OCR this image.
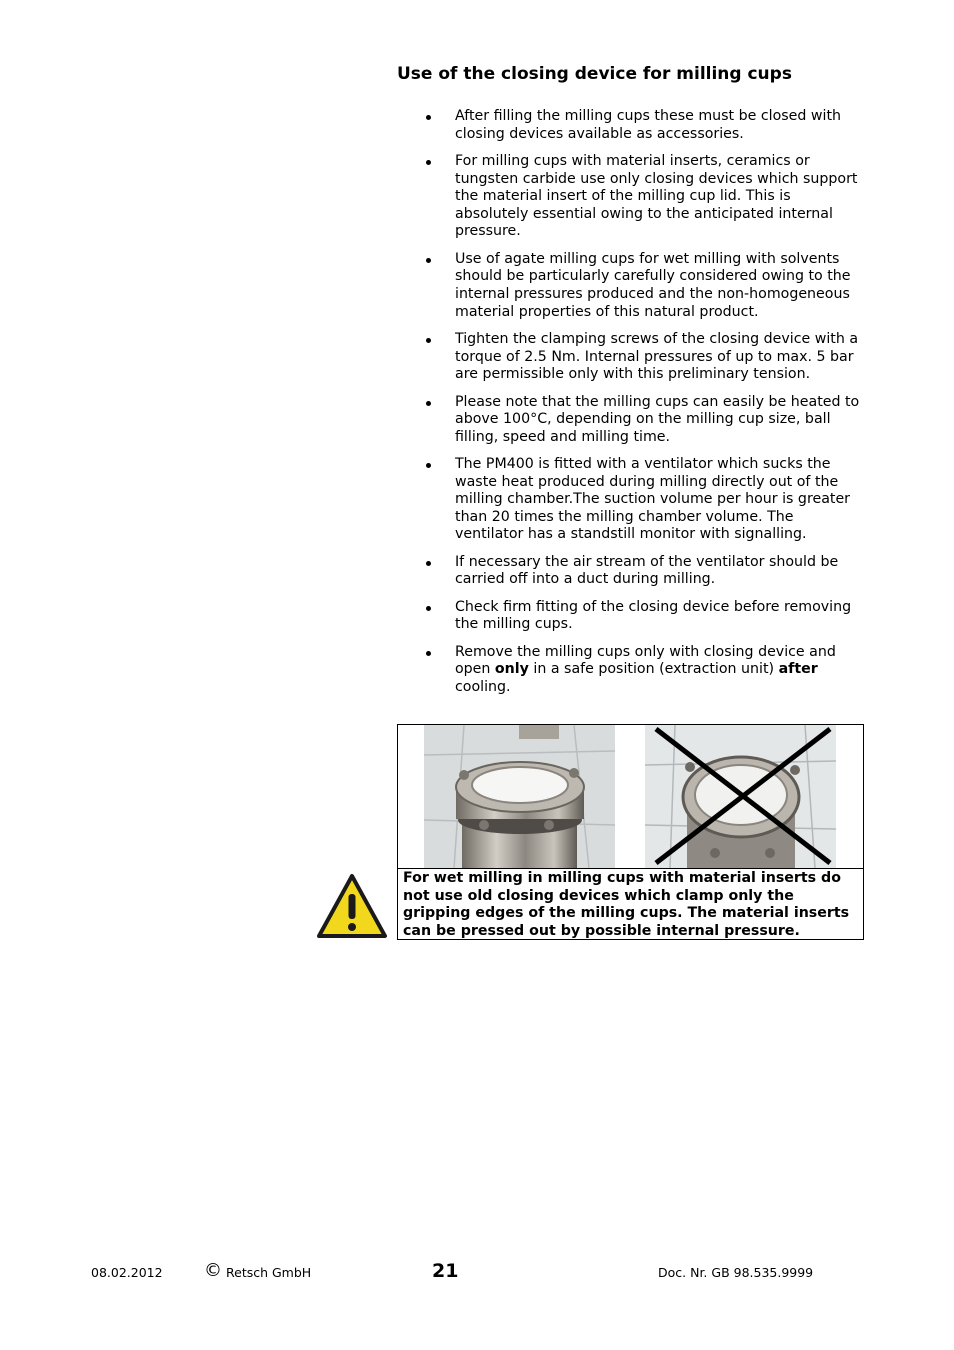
Use of the closing device for milling cups
After filling the milling cups these must be closed with closing devices available as accessories.
For milling cups with material inserts, ceramics or tungsten carbide use only closing devices which support the material insert of the milling cup lid. This is absolutely essential owing to the anticipated internal pressure.
Use of agate milling cups for wet milling with solvents should be particularly carefully considered owing to the internal pressures produced and the non-homogeneous material properties of this natural product.
Tighten the clamping screws of the closing device with a torque of 2.5 Nm. Internal pressures of up to max. 5 bar are permissible only with this preliminary tension.
Please note that the milling cups can easily be heated to above 100°C, depending on the milling cup size, ball filling, speed and milling time.
The PM400 is fitted with a ventilator which sucks the waste heat produced during milling directly out of the milling chamber.The suction volume per hour is greater than 20 times the milling chamber volume. The ventilator has a standstill monitor with signalling.
If necessary the air stream of the ventilator should be carried off into a duct during milling.
Check firm fitting of the closing device before removing the milling cups.
Remove the milling cups only with closing device and open only in a safe position (extraction unit) after cooling.
For wet milling in milling cups with material inserts do not use old closing devices which clamp only the gripping edges of the milling cups. The material inserts can be pressed out by possible internal pressure.
08.02.2012 © Retsch GmbH	21	Doc. Nr. GB 98.535.9999
